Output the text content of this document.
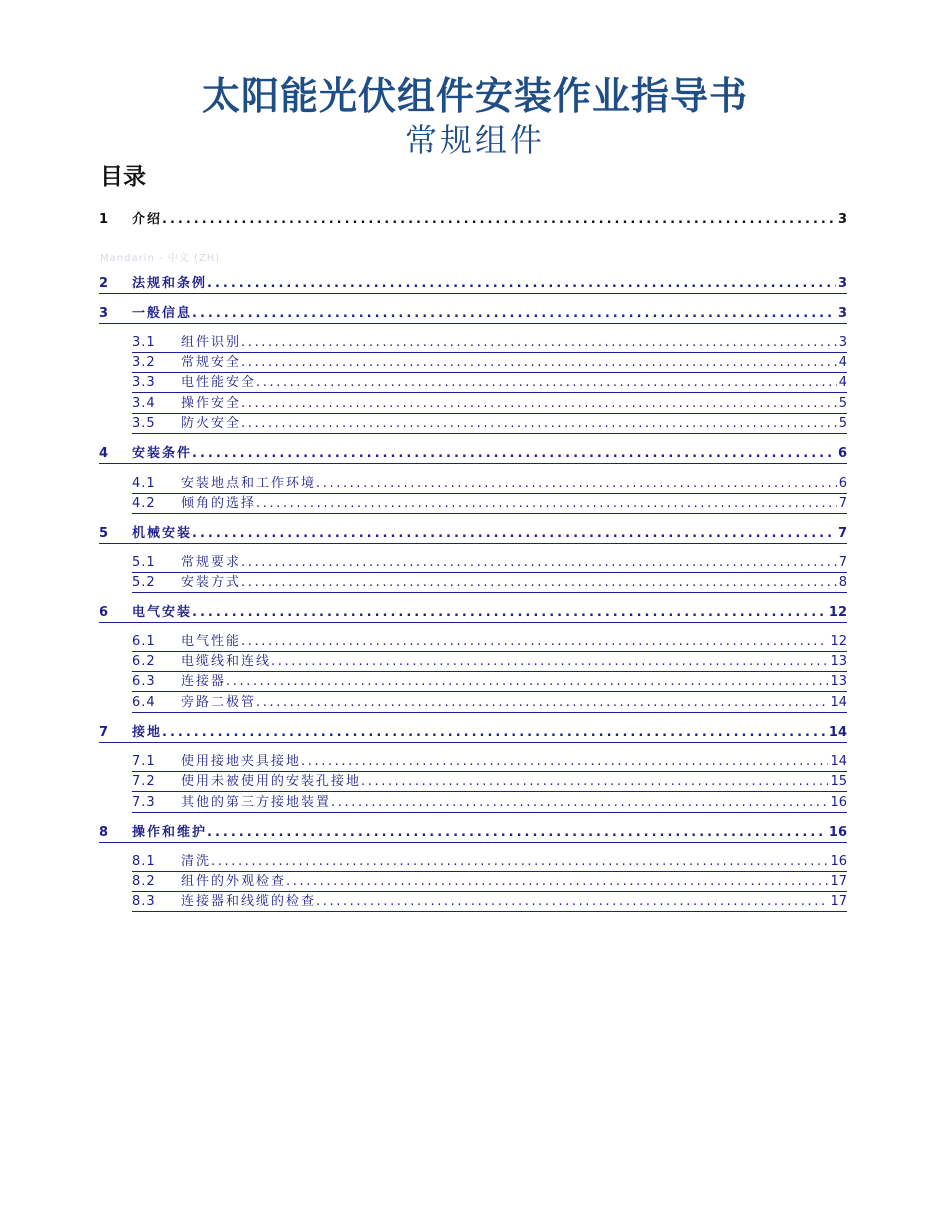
太阳能光伏组件安装作业指导书
常规组件
目录
Mandarin - 中文 (ZH)
1	介绍 .....	3
2	法规和条例 .....	3
3	一般信息 .....	3
3.1	组件识别 .....	3
3.2	常规安全 .....	4
3.3	电性能安全 .....	4
3.4	操作安全 .....	5
3.5	防火安全 .....	5
4	安装条件 .....	6
4.1	安装地点和工作环境 .....	6
4.2	倾角的选择 .....	7
5	机械安装 .....	7
5.1	常规要求 .....	7
5.2	安装方式 .....	8
6	电气安装 .....	12
6.1	电气性能 .....	12
6.2	电缆线和连线 .....	13
6.3	连接器 .....	13
6.4	旁路二极管 .....	14
7	接地 .....	14
7.1	使用接地夹具接地 .....	14
7.2	使用未被使用的安装孔接地 .....	15
7.3	其他的第三方接地装置 .....	16
8	操作和维护 .....	16
8.1	清洗 .....	16
8.2	组件的外观检查 .....	17
8.3	连接器和线缆的检查 .....	17
